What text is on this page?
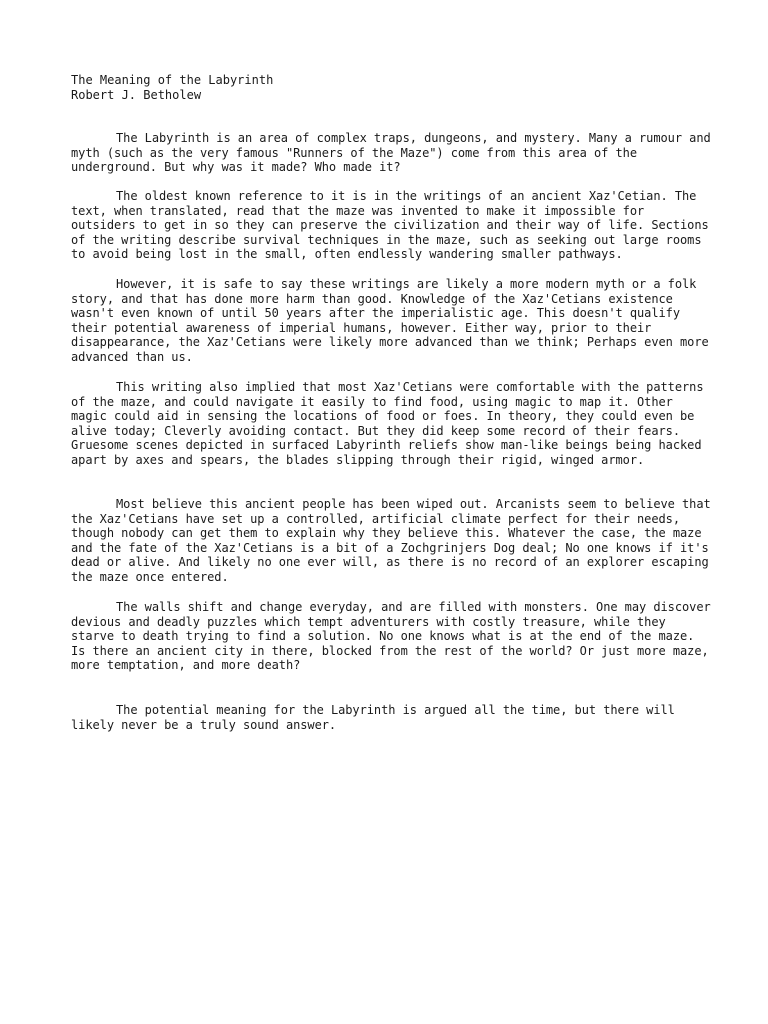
The Meaning of the Labyrinth
Robert J. Betholew

The Labyrinth is an area of complex traps, dungeons, and mystery. Many a rumour and myth (such as the very famous "Runners of the Maze") come from this area of the underground. But why was it made? Who made it?

The oldest known reference to it is in the writings of an ancient Xaz'Cetian. The text, when translated, read that the maze was invented to make it impossible for outsiders to get in so they can preserve the civilization and their way of life. Sections of the writing describe survival techniques in the maze, such as seeking out large rooms to avoid being lost in the small, often endlessly wandering smaller pathways.

However, it is safe to say these writings are likely a more modern myth or a folk story, and that has done more harm than good. Knowledge of the Xaz'Cetians existence wasn't even known of until 50 years after the imperialistic age. This doesn't qualify their potential awareness of imperial humans, however. Either way, prior to their disappearance, the Xaz'Cetians were likely more advanced than we think; Perhaps even more advanced than us.

This writing also implied that most Xaz'Cetians were comfortable with the patterns of the maze, and could navigate it easily to find food, using magic to map it. Other magic could aid in sensing the locations of food or foes. In theory, they could even be alive today; Cleverly avoiding contact. But they did keep some record of their fears. Gruesome scenes depicted in surfaced Labyrinth reliefs show man-like beings being hacked apart by axes and spears, the blades slipping through their rigid, winged armor.

Most believe this ancient people has been wiped out. Arcanists seem to believe that the Xaz'Cetians have set up a controlled, artificial climate perfect for their needs, though nobody can get them to explain why they believe this. Whatever the case, the maze and the fate of the Xaz'Cetians is a bit of a Zochgrinjers Dog deal; No one knows if it's dead or alive. And likely no one ever will, as there is no record of an explorer escaping the maze once entered.

The walls shift and change everyday, and are filled with monsters. One may discover devious and deadly puzzles which tempt adventurers with costly treasure, while they starve to death trying to find a solution. No one knows what is at the end of the maze. Is there an ancient city in there, blocked from the rest of the world? Or just more maze, more temptation, and more death?

The potential meaning for the Labyrinth is argued all the time, but there will likely never be a truly sound answer.
